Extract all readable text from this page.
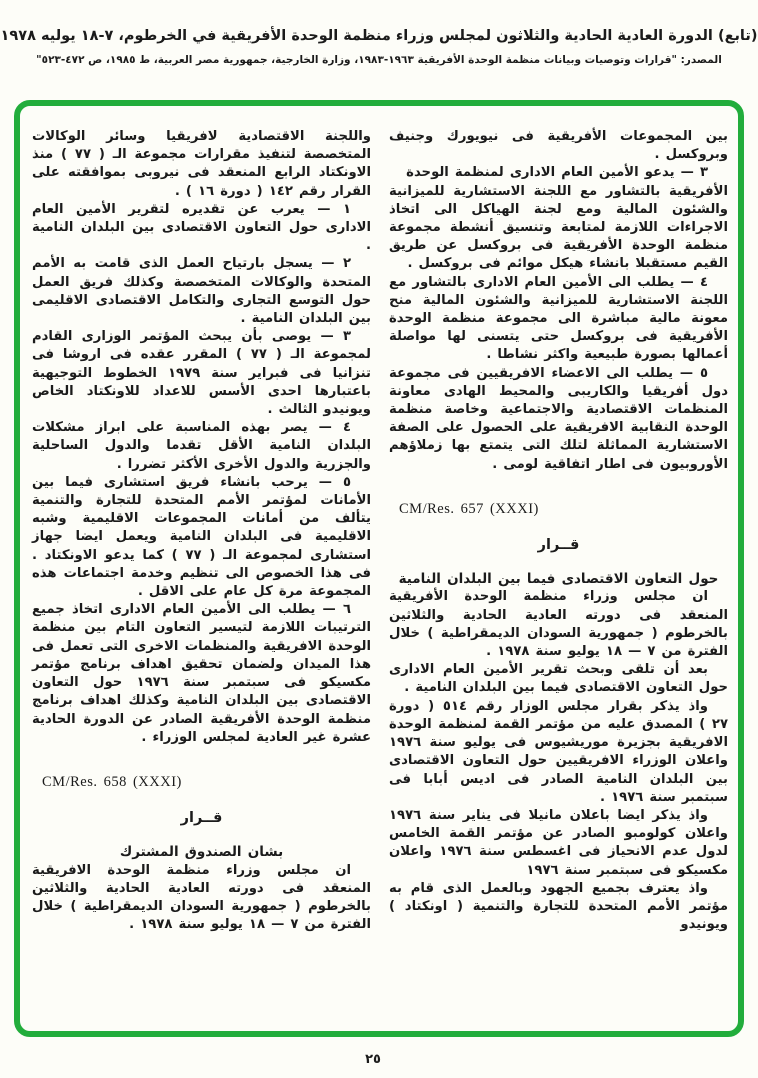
(تابع) الدورة العادية الحادية والثلاثون لمجلس وزراء منظمة الوحدة الأفريقية في الخرطوم، ٧-١٨ يوليه ١٩٧٨
المصدر: "قرارات وتوصيات وبيانات منظمة الوحدة الأفريقية ١٩٦٣-١٩٨٣، وزارة الخارجية، جمهورية مصر العربية، ط ١٩٨٥، ص ٤٧٢-٥٢٣"

بين المجموعات الأفريقية فى نيويورك وجنيف وبروكسل .

٣ — يدعو الأمين العام الادارى لمنظمة الوحدة

الأفريقية بالتشاور مع اللجنة الاستشارية للميزانية والشئون المالية ومع لجنة الهياكل الى اتخاذ الاجراءات اللازمة لمتابعة وتنسيق أنشطة مجموعة منظمة الوحدة الأفريقية فى بروكسل عن طريق القيم مستقبلا بانشاء هيكل موائم فى بروكسل .

٤ — يطلب الى الأمين العام الادارى بالتشاور مع اللجنة الاستشارية للميزانية والشئون المالية منح معونة مالية مباشرة الى مجموعة منظمة الوحدة الأفريقية فى بروكسل حتى يتسنى لها مواصلة أعمالها بصورة طبيعية واكثر نشاطا .

٥ — يطلب الى الاعضاء الافريقيين فى مجموعة دول أفريقيا والكاريبى والمحيط الهادى معاونة المنظمات الاقتصادية والاجتماعية وخاصة منظمة الوحدة النقابية الافريقية على الحصول على الصفة الاستشارية المماثلة لتلك التى يتمتع بها زملاؤهم الأوروبيون فى اطار اتفاقية لومى .

CM/Res. 657 (XXXI)
قــرار
حول التعاون الاقتصادى فيما بين البلدان النامية

ان مجلس وزراء منظمة الوحدة الأفريقية المنعقد فى دورته العادية الحادية والثلاثين بالخرطوم ( جمهورية السودان الديمقراطية ) خلال الفترة من ٧ — ١٨ يوليو سنة ١٩٧٨ .

بعد أن تلقى وبحث تقرير الأمين العام الادارى حول التعاون الاقتصادى فيما بين البلدان النامية .

واذ يذكر بقرار مجلس الوزار رقم ٥١٤ ( دورة ٢٧ ) المصدق عليه من مؤتمر القمة لمنظمة الوحدة الافريقية بجزيرة موريشيوس فى يوليو سنة ١٩٧٦ واعلان الوزراء الافريقيين حول التعاون الاقتصادى بين البلدان النامية الصادر فى اديس أبابا فى سبتمبر سنة ١٩٧٦ .

واذ يذكر ايضا باعلان مانيلا فى يناير سنة ١٩٧٦ واعلان كولومبو الصادر عن مؤتمر القمة الخامس لدول عدم الانحياز فى اغسطس سنة ١٩٧٦ واعلان مكسيكو فى سبتمبر سنة ١٩٧٦

واذ يعترف بجميع الجهود وبالعمل الذى قام به مؤتمر الأمم المتحدة للتجارة والتنمية ( اونكتاد ) ويونيدو

واللجنة الاقتصادية لافريقيا وسائر الوكالات المتخصصة لتنفيذ مقرارات مجموعة الـ ( ٧٧ ) منذ الاونكتاد الرابع المنعقد فى نيروبى بموافقته على القرار رقم ١٤٢ ( دورة ١٦ ) .

١ — يعرب عن تقديره لتقرير الأمين العام الادارى حول التعاون الاقتصادى بين البلدان النامية .

٢ — يسجل بارتياح العمل الذى قامت به الأمم المتحدة والوكالات المتخصصة وكذلك فريق العمل حول التوسع التجارى والتكامل الاقتصادى الاقليمى بين البلدان النامية .

٣ — يوصى بأن يبحث المؤتمر الوزارى القادم لمجموعة الـ ( ٧٧ ) المقرر عقده فى اروشا فى تنزانيا فى فبراير سنة ١٩٧٩ الخطوط التوجيهية باعتبارها احدى الأسس للاعداد للاونكتاد الخاص ويونيدو الثالث .

٤ — يصر بهذه المناسبة على ابراز مشكلات البلدان النامية الأقل تقدما والدول الساحلية والجزرية والدول الأخرى الأكثر تضررا .

٥ — يرحب بانشاء فريق استشارى فيما بين الأمانات لمؤتمر الأمم المتحدة للتجارة والتنمية يتألف من أمانات المجموعات الاقليمية وشبه الاقليمية فى البلدان النامية ويعمل ايضا جهاز استشارى لمجموعة الـ ( ٧٧ ) كما يدعو الاونكتاد . فى هذا الخصوص الى تنظيم وخدمة اجتماعات هذه المجموعة مرة كل عام على الاقل .

٦ — يطلب الى الأمين العام الادارى اتخاذ جميع الترتيبات اللازمة لتيسير التعاون التام بين منظمة الوحدة الافريقية والمنظمات الاخرى التى تعمل فى هذا الميدان ولضمان تحقيق اهداف برنامج مؤتمر مكسيكو فى سبتمبر سنة ١٩٧٦ حول التعاون الاقتصادى بين البلدان النامية وكذلك اهداف برنامج منظمة الوحدة الأفريقية الصادر عن الدورة الحادية عشرة غير العادية لمجلس الوزراء .

CM/Res. 658 (XXXI)
قــرار
بشان الصندوق المشترك

ان مجلس وزراء منظمة الوحدة الافريقية المنعقد فى دورته العادية الحادية والثلاثين بالخرطوم ( جمهورية السودان الديمقراطية ) خلال الفترة من ٧ — ١٨ يوليو سنة ١٩٧٨ .

٢٥
